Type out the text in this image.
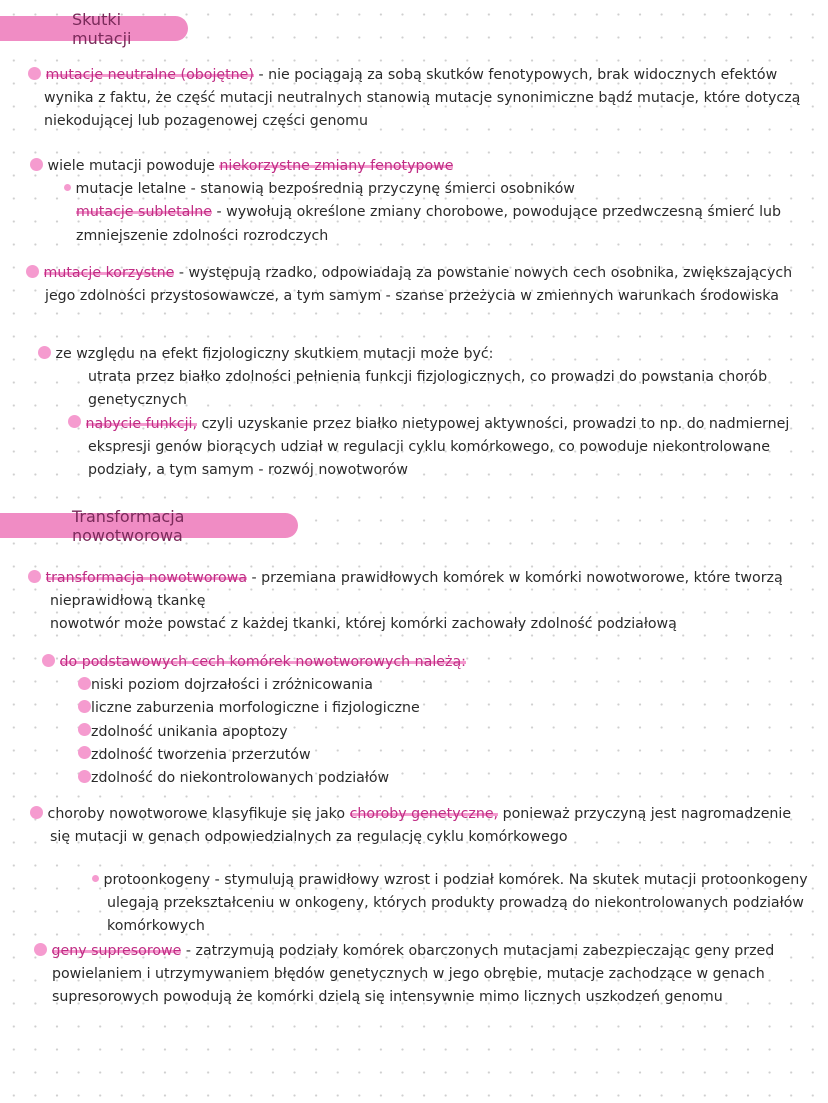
Skutki mutacji
mutacje neutralne (obojętne) - nie pociągają za sobą skutków fenotypowych, brak widocznych efektów
wynika z faktu, że część mutacji neutralnych stanowią mutacje synonimiczne bądź mutacje, które dotyczą
niekodującej lub pozagenowej części genomu
wiele mutacji powoduje niekorzystne zmiany fenotypowe
mutacje letalne - stanowią bezpośrednią przyczynę śmierci osobników
mutacje subletalne - wywołują określone zmiany chorobowe, powodujące przedwczesną śmierć lub
zmniejszenie zdolności rozrodczych
mutacje korzystne - występują rzadko, odpowiadają za powstanie nowych cech osobnika, zwiększających
jego zdolności przystosowawcze, a tym samym - szanse przeżycia w zmiennych warunkach środowiska
ze względu na efekt fizjologiczny skutkiem mutacji może być:
utrata przez białko zdolności pełnienia funkcji fizjologicznych, co prowadzi do powstania chorób
genetycznych
nabycie funkcji, czyli uzyskanie przez białko nietypowej aktywności, prowadzi to np. do nadmiernej
ekspresji genów biorących udział w regulacji cyklu komórkowego, co powoduje niekontrolowane
podziały, a tym samym - rozwój nowotworów
Transformacja nowotworowa
transformacja nowotworowa - przemiana prawidłowych komórek w komórki nowotworowe, które tworzą
nieprawidłową tkankę
nowotwór może powstać z każdej tkanki, której komórki zachowały zdolność podziałową
do podstawowych cech komórek nowotworowych należą:
niski poziom dojrzałości i zróżnicowania
liczne zaburzenia morfologiczne i fizjologiczne
zdolność unikania apoptozy
zdolność tworzenia przerzutów
zdolność do niekontrolowanych podziałów
choroby nowotworowe klasyfikuje się jako choroby genetyczne, ponieważ przyczyną jest nagromadzenie
się mutacji w genach odpowiedzialnych za regulację cyklu komórkowego
protoonkogeny - stymulują prawidłowy wzrost i podział komórek. Na skutek mutacji protoonkogeny
ulegają przekształceniu w onkogeny, których produkty prowadzą do niekontrolowanych podziałów
komórkowych
geny supresorowe - zatrzymują podziały komórek obarczonych mutacjami zabezpieczając geny przed
powielaniem i utrzymywaniem błędów genetycznych w jego obrębie, mutacje zachodzące w genach
supresorowych powodują że komórki dzielą się intensywnie mimo licznych uszkodzeń genomu
